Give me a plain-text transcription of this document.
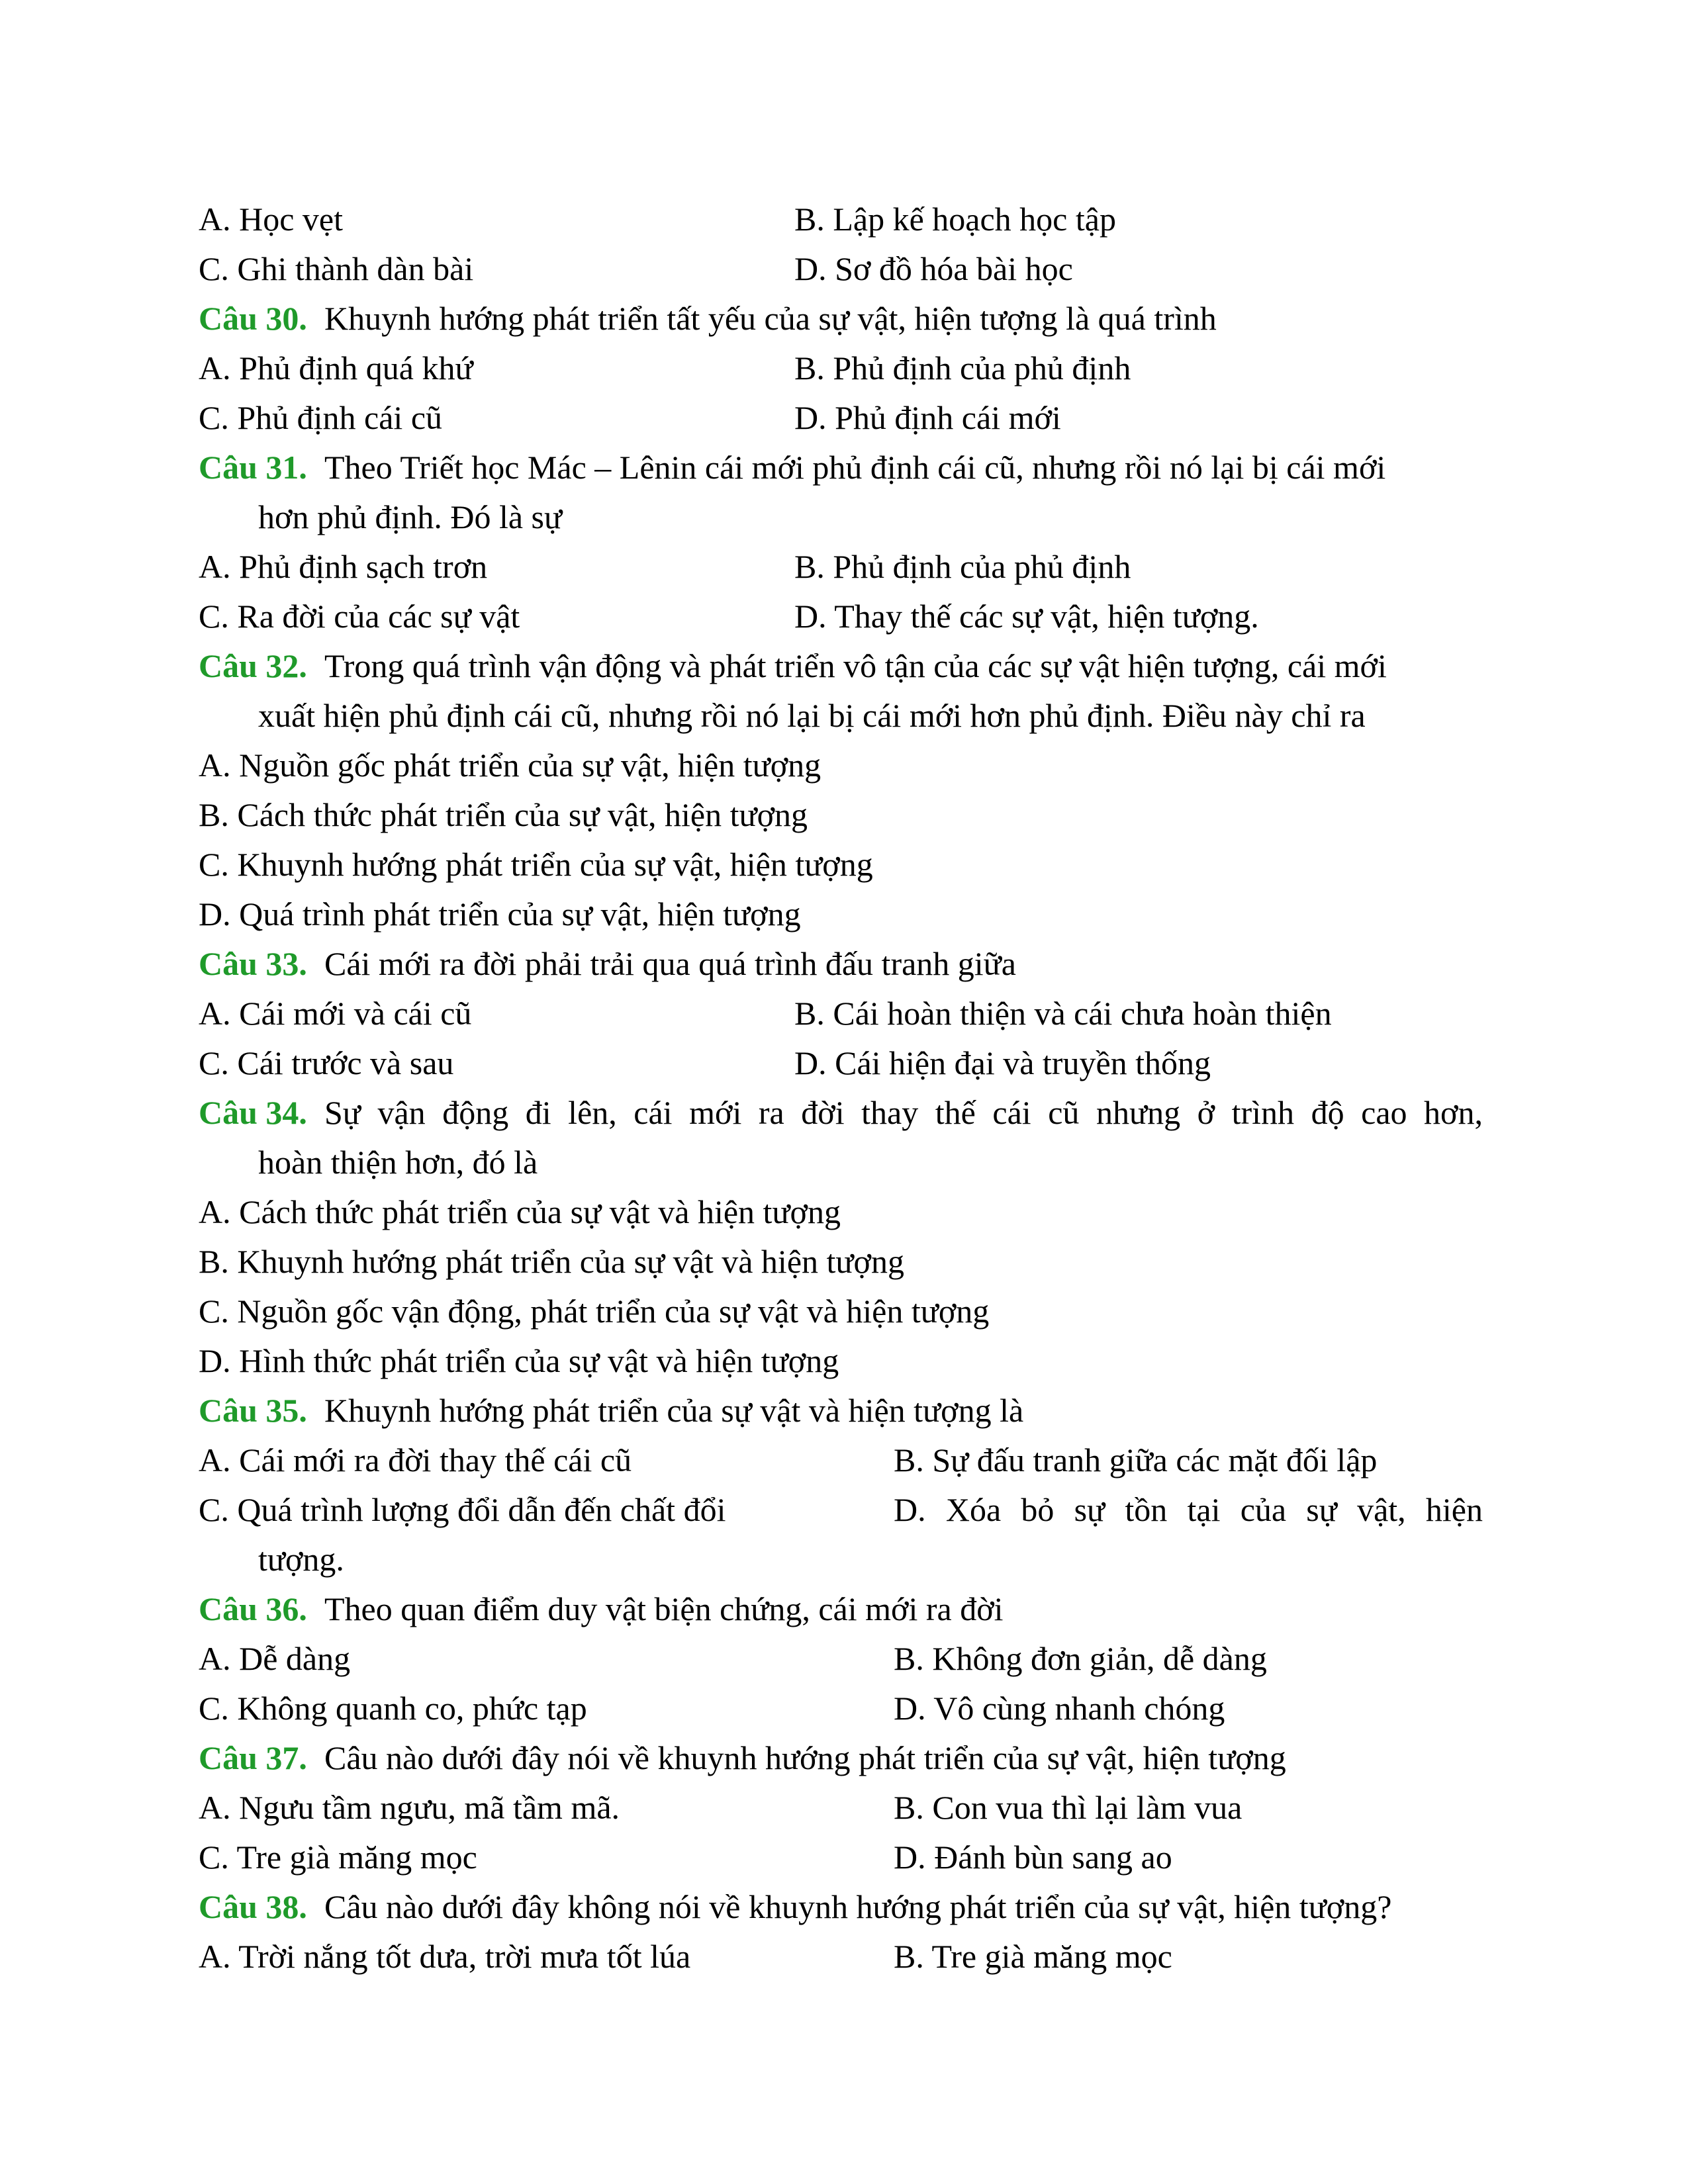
A. Học vẹt	B. Lập kế hoạch học tập
C. Ghi thành dàn bài	D. Sơ đồ hóa bài học
Câu 30. Khuynh hướng phát triển tất yếu của sự vật, hiện tượng là quá trình
A. Phủ định quá khứ	B. Phủ định của phủ định
C. Phủ định cái cũ	D. Phủ định cái mới
Câu 31. Theo Triết học Mác – Lênin cái mới phủ định cái cũ, nhưng rồi nó lại bị cái mới
hơn phủ định. Đó là sự
A. Phủ định sạch trơn	B. Phủ định của phủ định
C. Ra đời của các sự vật	D. Thay thế các sự vật, hiện tượng.
Câu 32. Trong quá trình vận động và phát triển vô tận của các sự vật hiện tượng, cái mới
xuất hiện phủ định cái cũ, nhưng rồi nó lại bị cái mới hơn phủ định. Điều này chỉ ra
A. Nguồn gốc phát triển của sự vật, hiện tượng
B. Cách thức phát triển của sự vật, hiện tượng
C. Khuynh hướng phát triển của sự vật, hiện tượng
D. Quá trình phát triển của sự vật, hiện tượng
Câu 33. Cái mới ra đời phải trải qua quá trình đấu tranh giữa
A. Cái mới và cái cũ	B. Cái hoàn thiện và cái chưa hoàn thiện
C. Cái trước và sau	D. Cái hiện đại và truyền thống
Câu 34. Sự vận động đi lên, cái mới ra đời thay thế cái cũ nhưng ở trình độ cao hơn,
hoàn thiện hơn, đó là
A. Cách thức phát triển của sự vật và hiện tượng
B. Khuynh hướng phát triển của sự vật và hiện tượng
C. Nguồn gốc vận động, phát triển của sự vật và hiện tượng
D. Hình thức phát triển của sự vật và hiện tượng
Câu 35. Khuynh hướng phát triển của sự vật và hiện tượng là
A. Cái mới ra đời thay thế cái cũ	B. Sự đấu tranh giữa các mặt đối lập
C. Quá trình lượng đổi dẫn đến chất đổi	D. Xóa bỏ sự tồn tại của sự vật, hiện
tượng.
Câu 36. Theo quan điểm duy vật biện chứng, cái mới ra đời
A. Dễ dàng	B. Không đơn giản, dễ dàng
C. Không quanh co, phức tạp	D. Vô cùng nhanh chóng
Câu 37. Câu nào dưới đây nói về khuynh hướng phát triển của sự vật, hiện tượng
A. Ngưu tầm ngưu, mã tầm mã.	B. Con vua thì lại làm vua
C. Tre già măng mọc	D. Đánh bùn sang ao
Câu 38. Câu nào dưới đây không nói về khuynh hướng phát triển của sự vật, hiện tượng?
A. Trời nắng tốt dưa, trời mưa tốt lúa	B. Tre già măng mọc
